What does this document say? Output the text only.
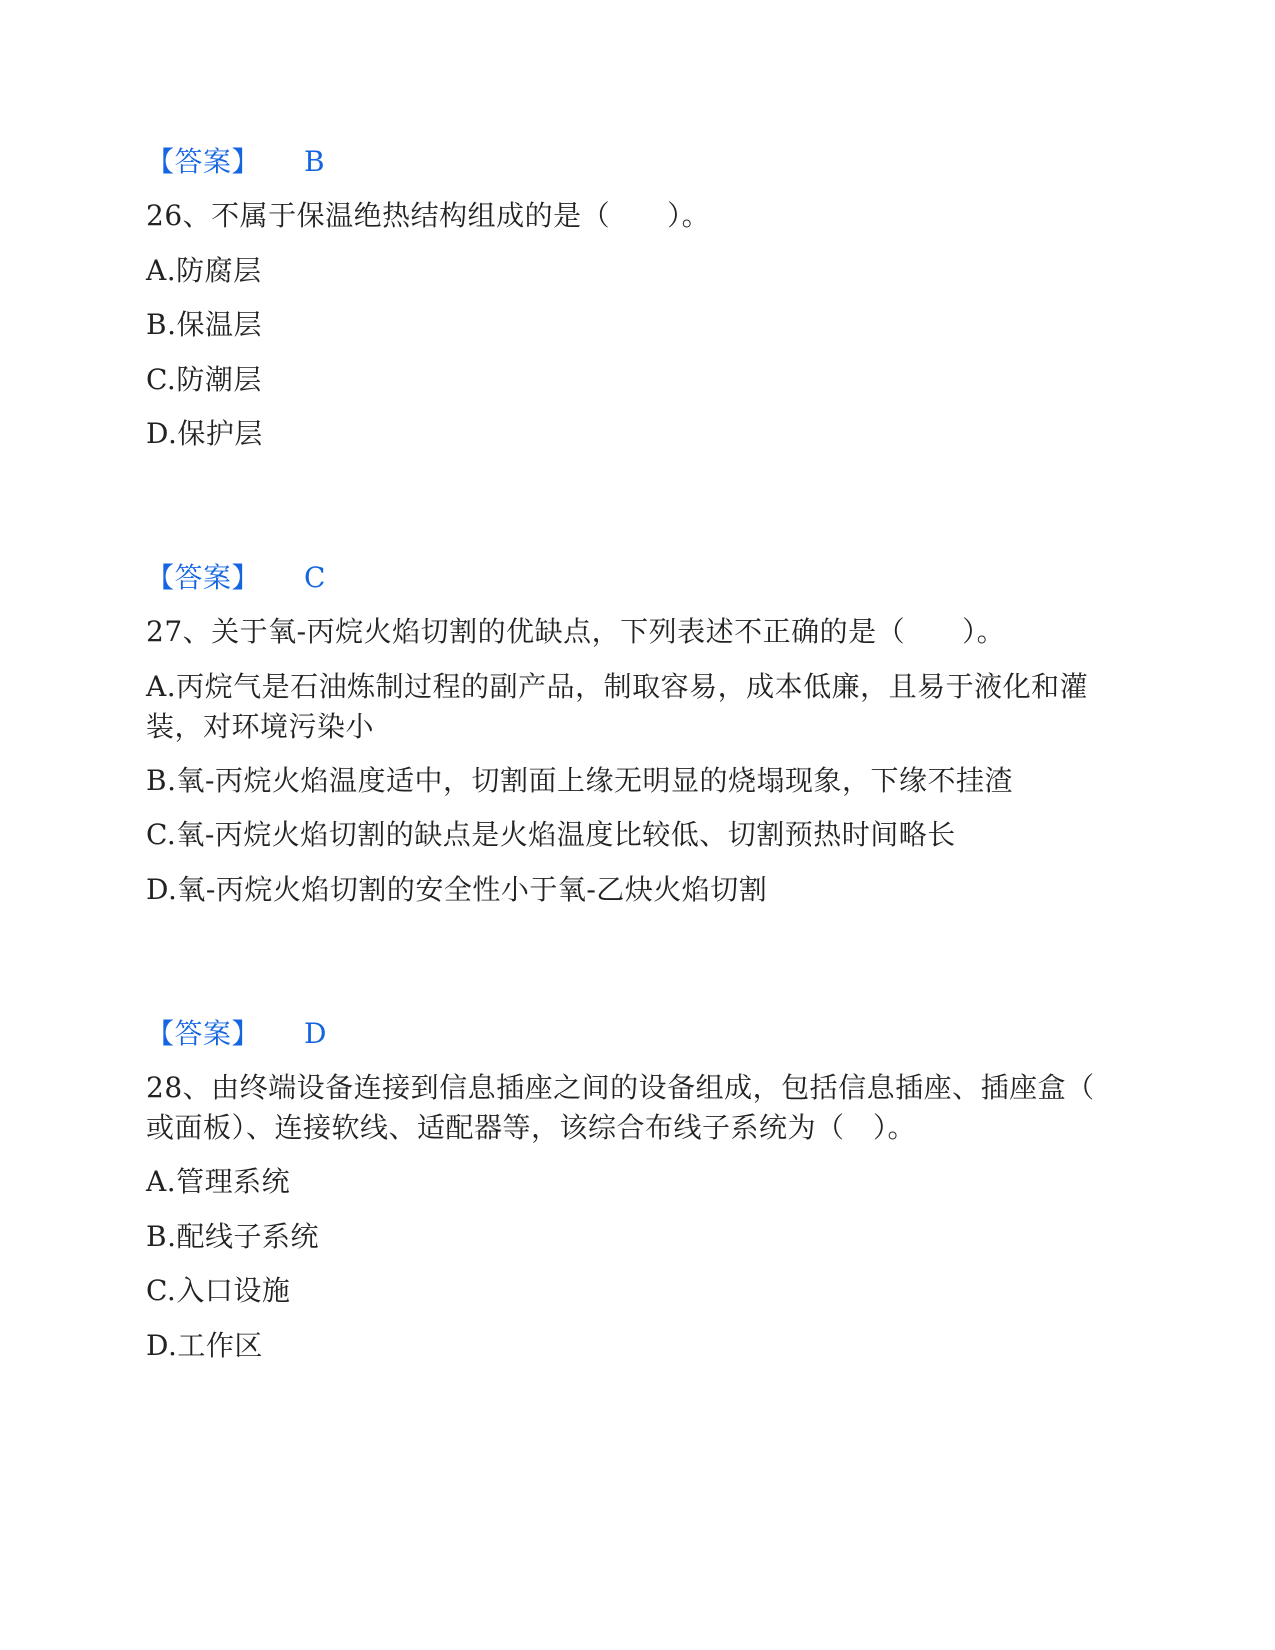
【答案】 B
26、不属于保温绝热结构组成的是（　　）。
A.防腐层
B.保温层
C.防潮层
D.保护层
【答案】 C
27、关于氧-丙烷火焰切割的优缺点，下列表述不正确的是（　　）。
A.丙烷气是石油炼制过程的副产品，制取容易，成本低廉，且易于液化和灌
装，对环境污染小
B.氧-丙烷火焰温度适中，切割面上缘无明显的烧塌现象，下缘不挂渣
C.氧-丙烷火焰切割的缺点是火焰温度比较低、切割预热时间略长
D.氧-丙烷火焰切割的安全性小于氧-乙炔火焰切割
【答案】 D
28、由终端设备连接到信息插座之间的设备组成，包括信息插座、插座盒（
或面板）、连接软线、适配器等，该综合布线子系统为（　）。
A.管理系统
B.配线子系统
C.入口设施
D.工作区
